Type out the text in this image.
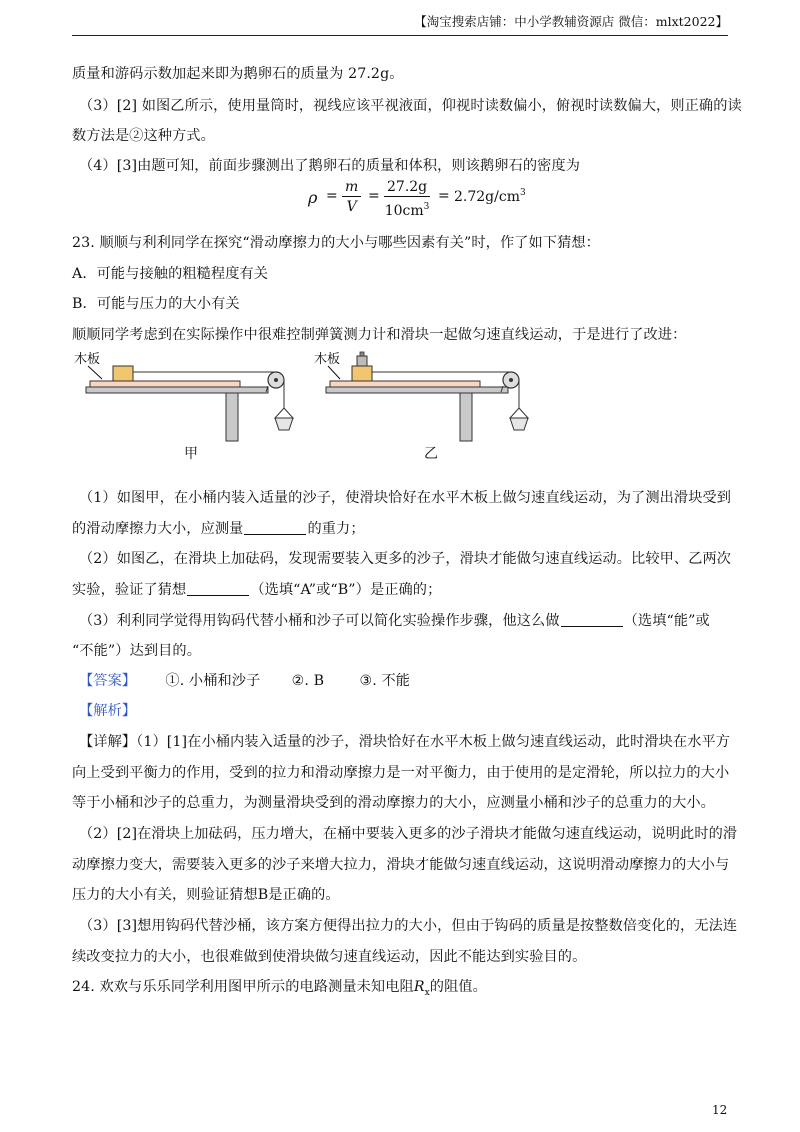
【淘宝搜索店铺：中小学教辅资源店 微信：mlxt2022】
质量和游码示数加起来即为鹅卵石的质量为 27.2g。
（3）[2] 如图乙所示，使用量筒时，视线应该平视液面，仰视时读数偏小，俯视时读数偏大，则正确的读
数方法是②这种方式。
（4）[3]由题可知，前面步骤测出了鹅卵石的质量和体积，则该鹅卵石的密度为
$\rho = \frac{m}{V} = \frac{27.2g}{10cm^3} = 2.72g/cm^3$
23. 顺顺与利利同学在探究“滑动摩擦力的大小与哪些因素有关”时，作了如下猜想：
A．可能与接触的粗糙程度有关
B．可能与压力的大小有关
顺顺同学考虑到在实际操作中很难控制弹簧测力计和滑块一起做匀速直线运动，于是进行了改进：
木板
甲
木板
乙
（1）如图甲，在小桶内装入适量的沙子，使滑块恰好在水平木板上做匀速直线运动，为了测出滑块受到
的滑动摩擦力大小，应测量	的重力；
（2）如图乙，在滑块上加砝码，发现需要装入更多的沙子，滑块才能做匀速直线运动。比较甲、乙两次
实验，验证了猜想	（选填“A”或“B”）是正确的；
（3）利利同学觉得用钩码代替小桶和沙子可以简化实验操作步骤，他这么做	（选填“能”或
“不能”）达到目的。
【答案】 ①. 小桶和沙子 ②. B ③. 不能
【解析】
【详解】（1）[1]在小桶内装入适量的沙子，滑块恰好在水平木板上做匀速直线运动，此时滑块在水平方
向上受到平衡力的作用，受到的拉力和滑动摩擦力是一对平衡力，由于使用的是定滑轮，所以拉力的大小
等于小桶和沙子的总重力，为测量滑块受到的滑动摩擦力的大小，应测量小桶和沙子的总重力的大小。
（2）[2]在滑块上加砝码，压力增大，在桶中要装入更多的沙子滑块才能做匀速直线运动，说明此时的滑
动摩擦力变大，需要装入更多的沙子来增大拉力，滑块才能做匀速直线运动，这说明滑动摩擦力的大小与
压力的大小有关，则验证猜想B是正确的。
（3）[3]想用钩码代替沙桶，该方案方便得出拉力的大小，但由于钩码的质量是按整数倍变化的，无法连
续改变拉力的大小，也很难做到使滑块做匀速直线运动，因此不能达到实验目的。
24. 欢欢与乐乐同学利用图甲所示的电路测量未知电阻$R_x$的阻值。
12
